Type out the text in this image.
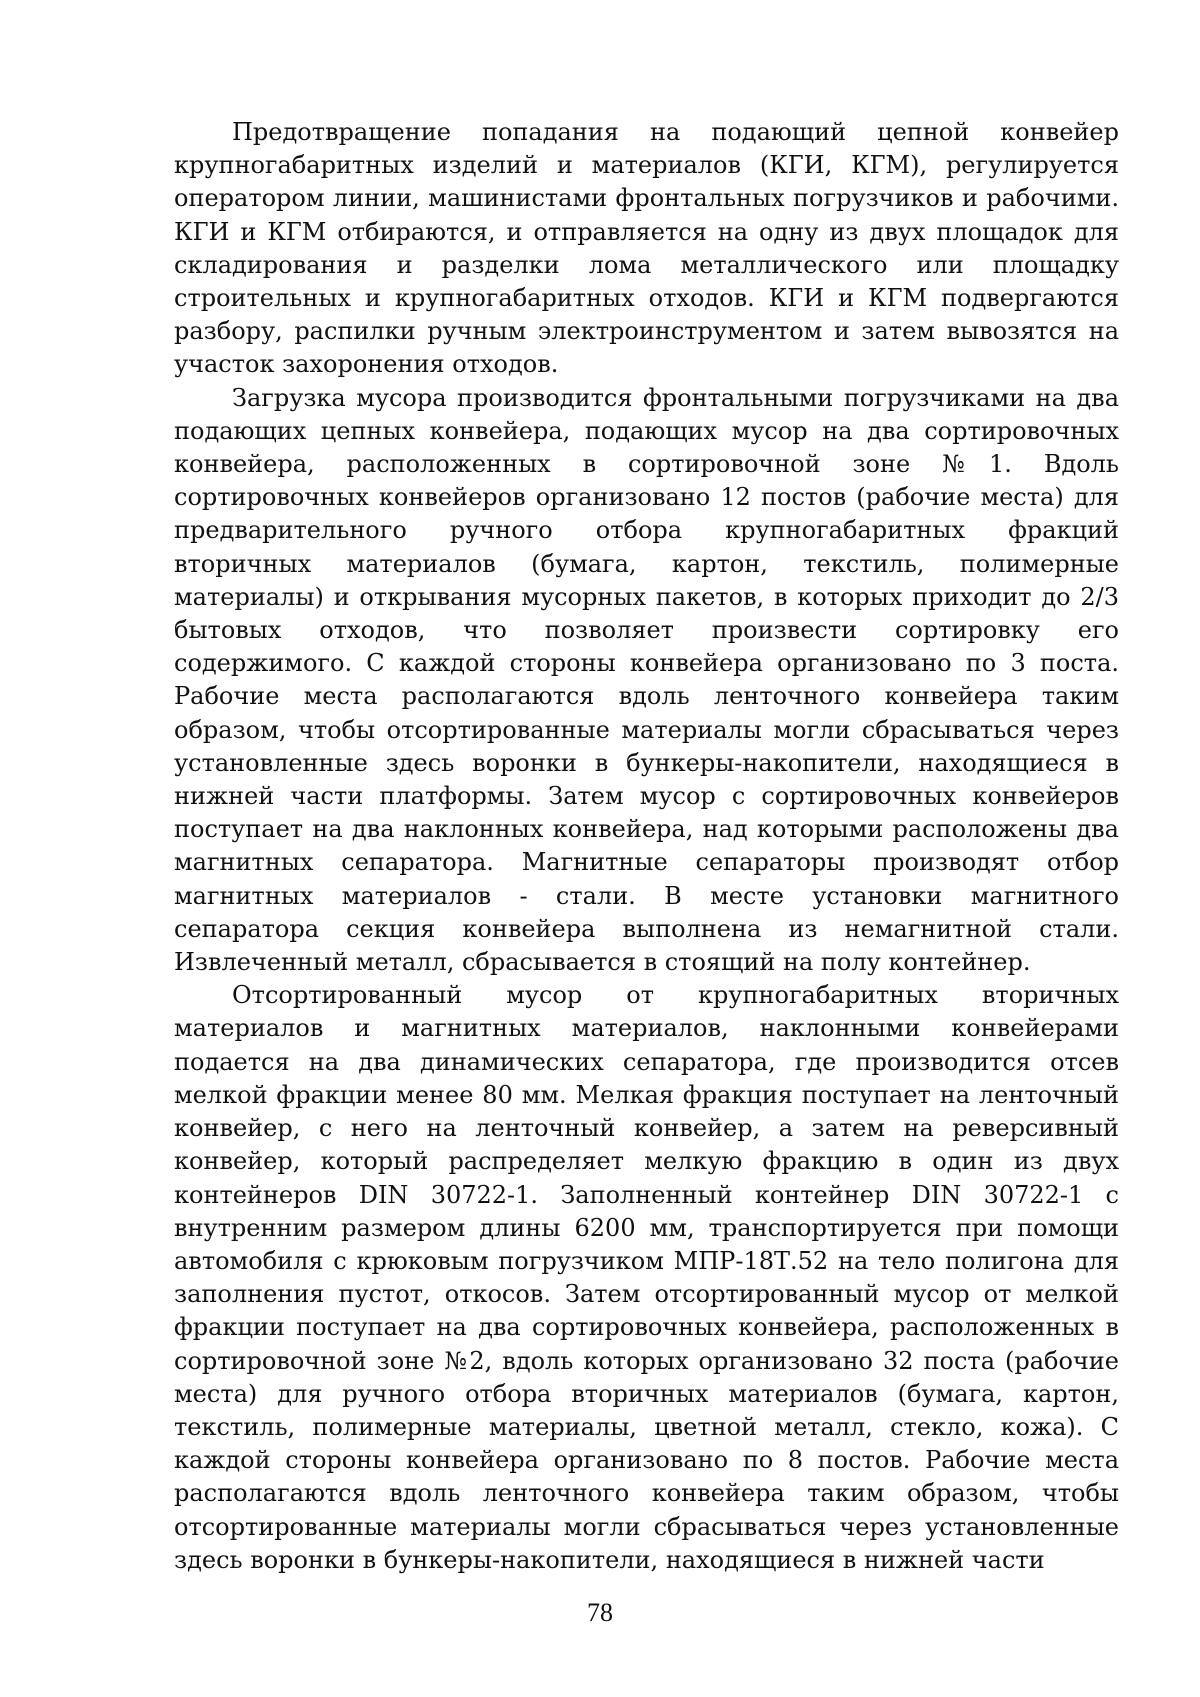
Предотвращение попадания на подающий цепной конвейер крупногабаритных изделий и материалов (КГИ, КГМ), регулируется оператором линии, машинистами фронтальных погрузчиков и рабочими. КГИ и КГМ отбираются, и отправляется на одну из двух площадок для складирования и разделки лома металлического или площадку строительных и крупногабаритных отходов. КГИ и КГМ подвергаются разбору, распилки ручным электроинструментом и затем вывозятся на участок захоронения отходов.

Загрузка мусора производится фронтальными погрузчиками на два подающих цепных конвейера, подающих мусор на два сортировочных конвейера, расположенных в сортировочной зоне №1. Вдоль сортировочных конвейеров организовано 12 постов (рабочие места) для предварительного ручного отбора крупногабаритных фракций вторичных материалов (бумага, картон, текстиль, полимерные материалы) и открывания мусорных пакетов, в которых приходит до 2/3 бытовых отходов, что позволяет произвести сортировку его содержимого. С каждой стороны конвейера организовано по 3 поста. Рабочие места располагаются вдоль ленточного конвейера таким образом, чтобы отсортированные материалы могли сбрасываться через установленные здесь воронки в бункеры-накопители, находящиеся в нижней части платформы. Затем мусор с сортировочных конвейеров поступает на два наклонных конвейера, над которыми расположены два магнитных сепаратора. Магнитные сепараторы производят отбор магнитных материалов - стали. В месте установки магнитного сепаратора секция конвейера выполнена из немагнитной стали. Извлеченный металл, сбрасывается в стоящий на полу контейнер.

Отсортированный мусор от крупногабаритных вторичных материалов и магнитных материалов, наклонными конвейерами подается на два динамических сепаратора, где производится отсев мелкой фракции менее 80 мм. Мелкая фракция поступает на ленточный конвейер, с него на ленточный конвейер, а затем на реверсивный конвейер, который распределяет мелкую фракцию в один из двух контейнеров DIN 30722-1. Заполненный контейнер DIN 30722-1 с внутренним размером длины 6200 мм, транспортируется при помощи автомобиля с крюковым погрузчиком МПР-18Т.52 на тело полигона для заполнения пустот, откосов. Затем отсортированный мусор от мелкой фракции поступает на два сортировочных конвейера, расположенных в сортировочной зоне №2, вдоль которых организовано 32 поста (рабочие места) для ручного отбора вторичных материалов (бумага, картон, текстиль, полимерные материалы, цветной металл, стекло, кожа). С каждой стороны конвейера организовано по 8 постов. Рабочие места располагаются вдоль ленточного конвейера таким образом, чтобы отсортированные материалы могли сбрасываться через установленные здесь воронки в бункеры-накопители, находящиеся в нижней части

78
